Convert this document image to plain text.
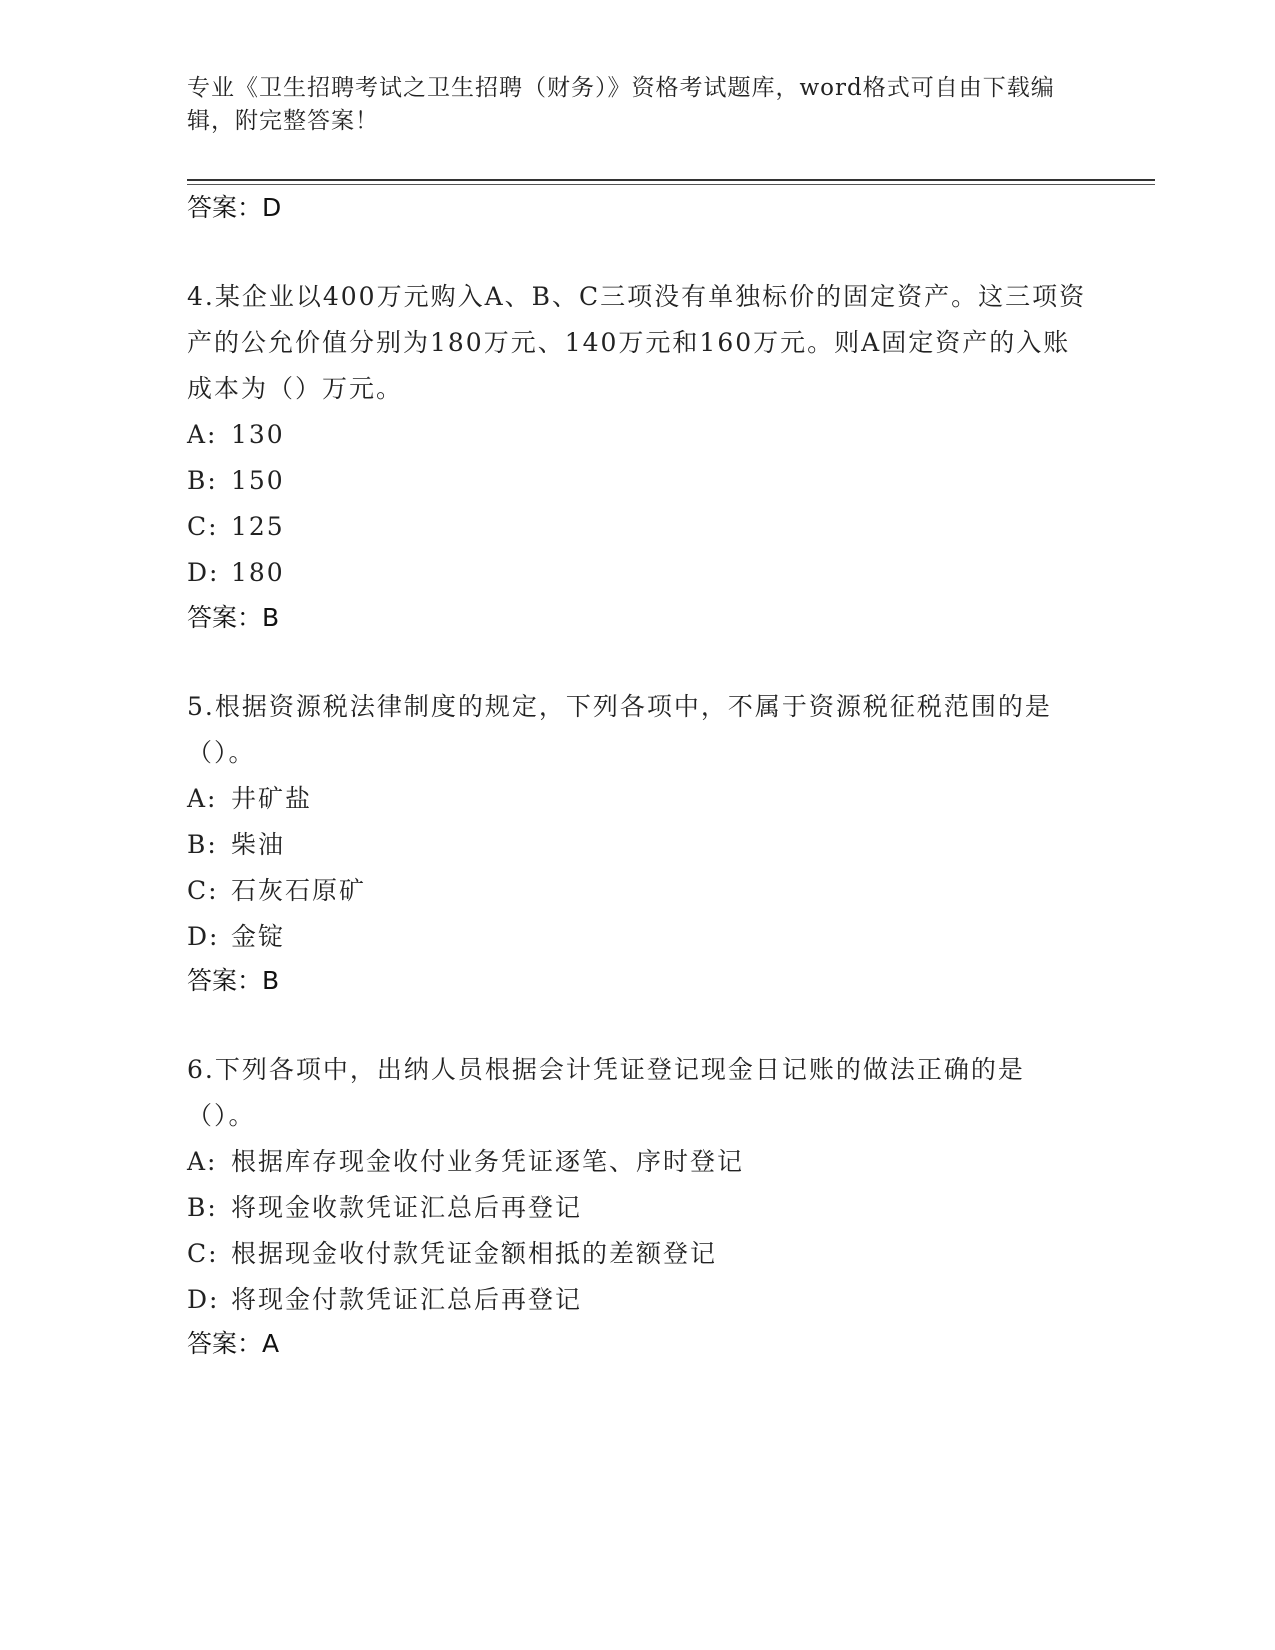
专业《卫生招聘考试之卫生招聘（财务）》资格考试题库，word格式可自由下载编辑，附完整答案！
答案：D

4.某企业以400万元购入A、B、C三项没有单独标价的固定资产。这三项资产的公允价值分别为180万元、140万元和160万元。则A固定资产的入账成本为（）万元。

A: 130

B: 150

C: 125

D: 180

答案：B

5.根据资源税法律制度的规定，下列各项中，不属于资源税征税范围的是（）。

A: 井矿盐

B: 柴油

C: 石灰石原矿

D: 金锭

答案：B

6.下列各项中，出纳人员根据会计凭证登记现金日记账的做法正确的是（）。

A: 根据库存现金收付业务凭证逐笔、序时登记

B: 将现金收款凭证汇总后再登记

C: 根据现金收付款凭证金额相抵的差额登记

D: 将现金付款凭证汇总后再登记

答案：A
